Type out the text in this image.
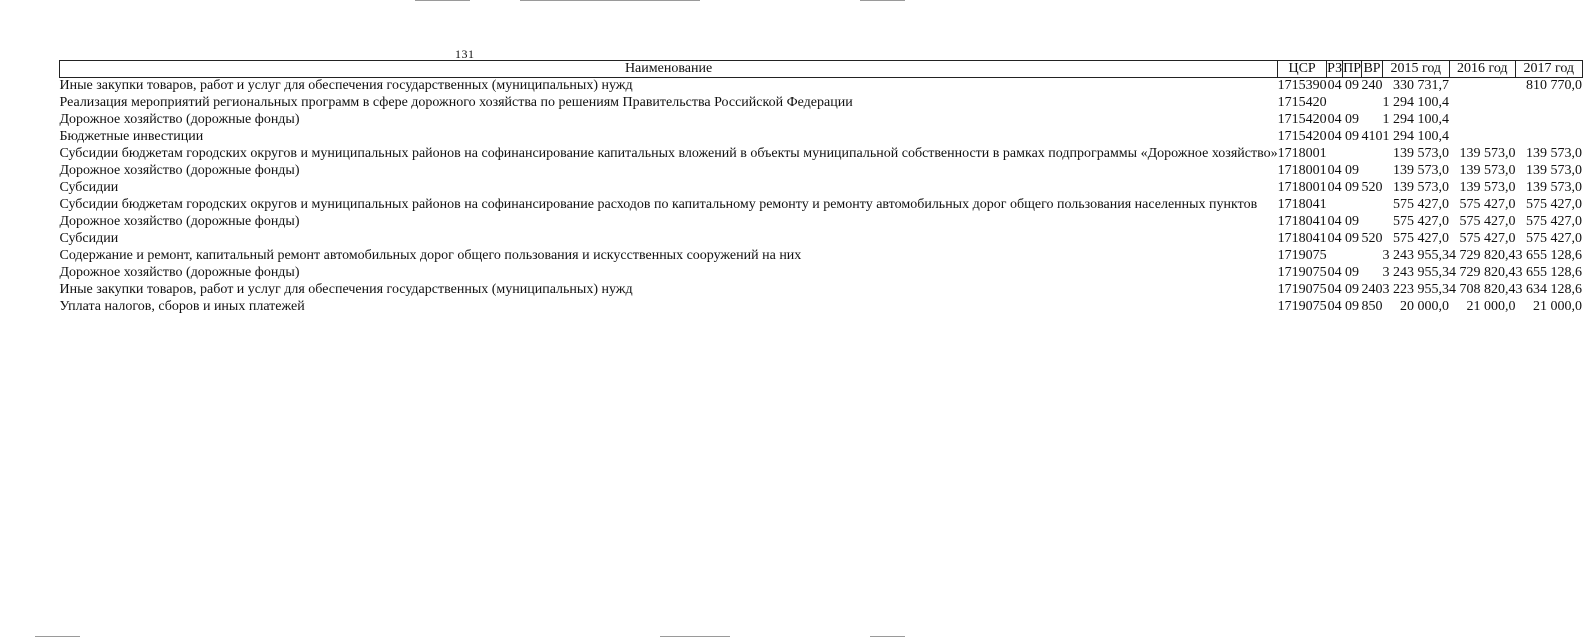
131
Наименование	ЦСР	РЗ	ПР	ВР	2015 год	2016 год	2017 год
Иные закупки товаров, работ и услуг для обеспечения государственных (муниципальных) нужд	1715390	04	09	240	330 731,7		810 770,0
Реализация мероприятий региональных программ в сфере дорожного хозяйства по решениям Правительства Российской Федерации	1715420				1 294 100,4		
Дорожное хозяйство (дорожные фонды)	1715420	04	09		1 294 100,4		
Бюджетные инвестиции	1715420	04	09	410	1 294 100,4		
Субсидии бюджетам городских округов и муниципальных районов на софинансирование капитальных вложений в объекты муниципальной собственности в рамках подпрограммы «Дорожное хозяйство»	1718001				139 573,0	139 573,0	139 573,0
Дорожное хозяйство (дорожные фонды)	1718001	04	09		139 573,0	139 573,0	139 573,0
Субсидии	1718001	04	09	520	139 573,0	139 573,0	139 573,0
Субсидии бюджетам городских округов и муниципальных районов на софинансирование расходов по капитальному ремонту и ремонту автомобильных дорог общего пользования населенных пунктов	1718041				575 427,0	575 427,0	575 427,0
Дорожное хозяйство (дорожные фонды)	1718041	04	09		575 427,0	575 427,0	575 427,0
Субсидии	1718041	04	09	520	575 427,0	575 427,0	575 427,0
Содержание и ремонт, капитальный ремонт автомобильных дорог общего пользования и искусственных сооружений на них	1719075				3 243 955,3	4 729 820,4	3 655 128,6
Дорожное хозяйство (дорожные фонды)	1719075	04	09		3 243 955,3	4 729 820,4	3 655 128,6
Иные закупки товаров, работ и услуг для обеспечения государственных (муниципальных) нужд	1719075	04	09	240	3 223 955,3	4 708 820,4	3 634 128,6
Уплата налогов, сборов и иных платежей	1719075	04	09	850	20 000,0	21 000,0	21 000,0
